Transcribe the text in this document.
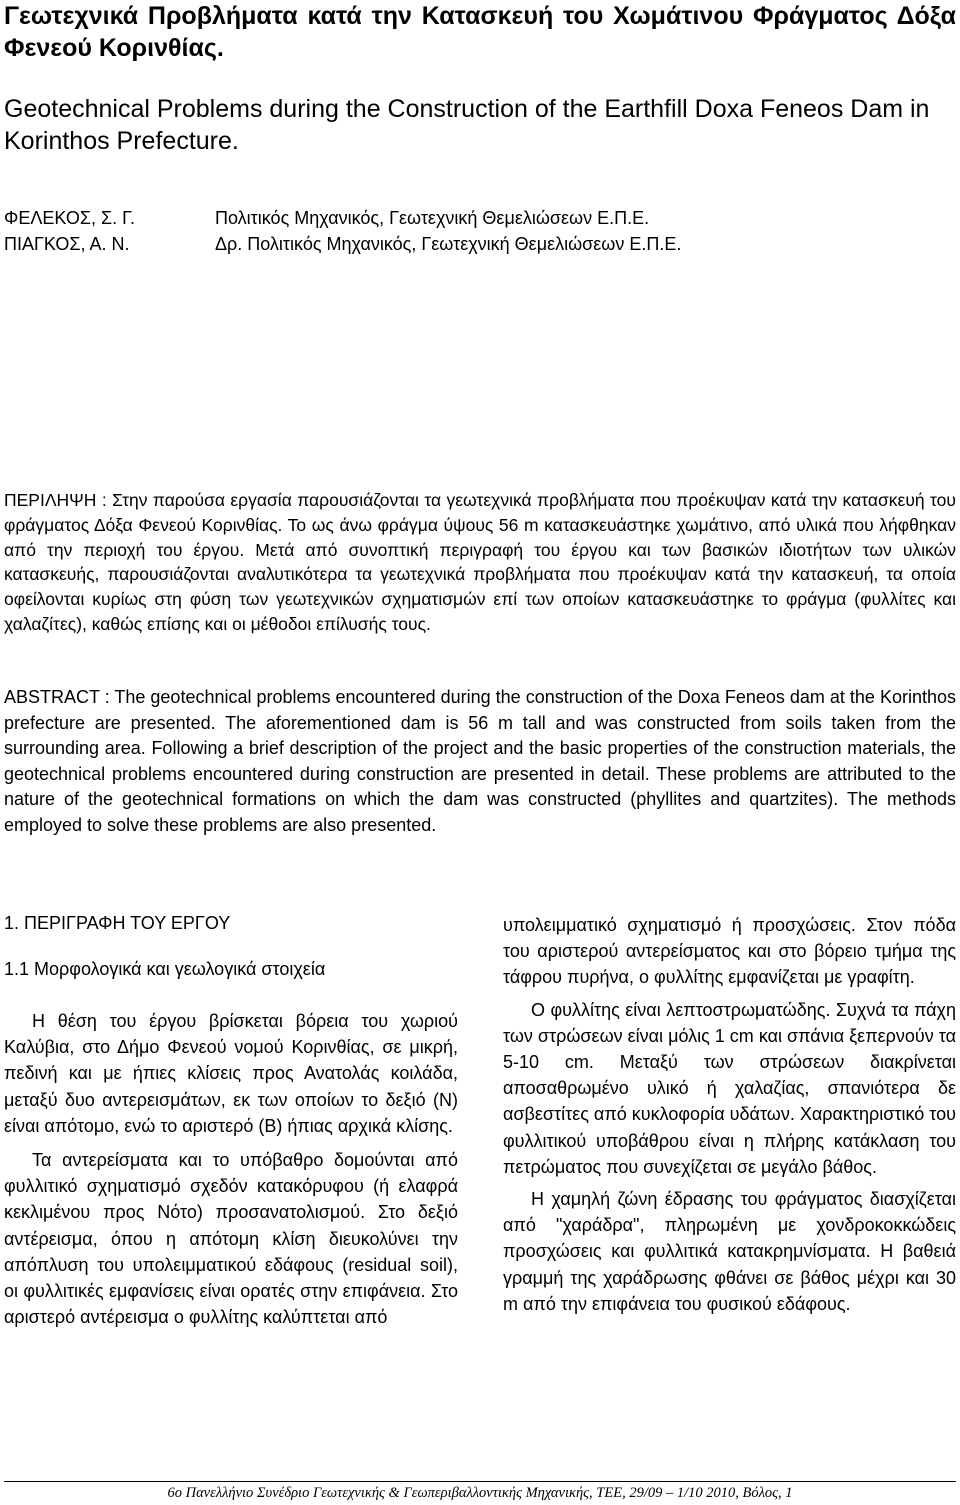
Γεωτεχνικά Προβλήματα κατά την Κατασκευή του Χωμάτινου Φράγματος Δόξα Φενεού Κορινθίας.
Geotechnical Problems during the Construction of the Earthfill Doxa Feneos Dam in Korinthos Prefecture.
ΦΕΛΕΚΟΣ, Σ. Γ.	Πολιτικός Μηχανικός, Γεωτεχνική Θεμελιώσεων Ε.Π.Ε.
ΠΙΑΓΚΟΣ, Α. Ν.	Δρ. Πολιτικός Μηχανικός, Γεωτεχνική Θεμελιώσεων Ε.Π.Ε.

ΠΕΡΙΛΗΨΗ : Στην παρούσα εργασία παρουσιάζονται τα γεωτεχνικά προβλήματα που προέκυψαν κατά την κατασκευή του φράγματος Δόξα Φενεού Κορινθίας. Το ως άνω φράγμα ύψους 56 m κατασκευάστηκε χωμάτινο, από υλικά που λήφθηκαν από την περιοχή του έργου. Μετά από συνοπτική περιγραφή του έργου και των βασικών ιδιοτήτων των υλικών κατασκευής, παρουσιάζονται αναλυτικότερα τα γεωτεχνικά προβλήματα που προέκυψαν κατά την κατασκευή, τα οποία οφείλονται κυρίως στη φύση των γεωτεχνικών σχηματισμών επί των οποίων κατασκευάστηκε το φράγμα (φυλλίτες και χαλαζίτες), καθώς επίσης και οι μέθοδοι επίλυσής τους.

ABSTRACT : The geotechnical problems encountered during the construction of the Doxa Feneos dam at the Korinthos prefecture are presented. The aforementioned dam is 56 m tall and was constructed from soils taken from the surrounding area. Following a brief description of the project and the basic properties of the construction materials, the geotechnical problems encountered during construction are presented in detail. These problems are attributed to the nature of the geotechnical formations on which the dam was constructed (phyllites and quartzites). The methods employed to solve these problems are also presented.

1. ΠΕΡΙΓΡΑΦΗ ΤΟΥ ΕΡΓΟΥ
1.1 Μορφολογικά και γεωλογικά στοιχεία

Η θέση του έργου βρίσκεται βόρεια του χωριού Καλύβια, στο Δήμο Φενεού νομού Κορινθίας, σε μικρή, πεδινή και με ήπιες κλίσεις προς Ανατολάς κοιλάδα, μεταξύ δυο αντερεισμάτων, εκ των οποίων το δεξιό (Ν) είναι απότομο, ενώ το αριστερό (Β) ήπιας αρχικά κλίσης.

Τα αντερείσματα και το υπόβαθρο δομούνται από φυλλιτικό σχηματισμό σχεδόν κατακόρυφου (ή ελαφρά κεκλιμένου προς Νότο) προσανατολισμού. Στο δεξιό αντέρεισμα, όπου η απότομη κλίση διευκολύνει την απόπλυση του υπολειμματικού εδάφους (residual soil), οι φυλλιτικές εμφανίσεις είναι ορατές στην επιφάνεια. Στο αριστερό αντέρεισμα ο φυλλίτης καλύπτεται από

υπολειμματικό σχηματισμό ή προσχώσεις. Στον πόδα του αριστερού αντερείσματος και στο βόρειο τμήμα της τάφρου πυρήνα, ο φυλλίτης εμφανίζεται με γραφίτη.

Ο φυλλίτης είναι λεπτοστρωματώδης. Συχνά τα πάχη των στρώσεων είναι μόλις 1 cm και σπάνια ξεπερνούν τα 5-10 cm. Μεταξύ των στρώσεων διακρίνεται αποσαθρωμένο υλικό ή χαλαζίας, σπανιότερα δε ασβεστίτες από κυκλοφορία υδάτων. Χαρακτηριστικό του φυλλιτικού υποβάθρου είναι η πλήρης κατάκλαση του πετρώματος που συνεχίζεται σε μεγάλο βάθος.

Η χαμηλή ζώνη έδρασης του φράγματος διασχίζεται από "χαράδρα", πληρωμένη με χονδροκοκκώδεις προσχώσεις και φυλλιτικά κατακρημνίσματα. Η βαθειά γραμμή της χαράδρωσης φθάνει σε βάθος μέχρι και 30 m από την επιφάνεια του φυσικού εδάφους.

6ο Πανελλήνιο Συνέδριο Γεωτεχνικής & Γεωπεριβαλλοντικής Μηχανικής, ΤΕΕ, 29/09 – 1/10 2010, Βόλος, 1
